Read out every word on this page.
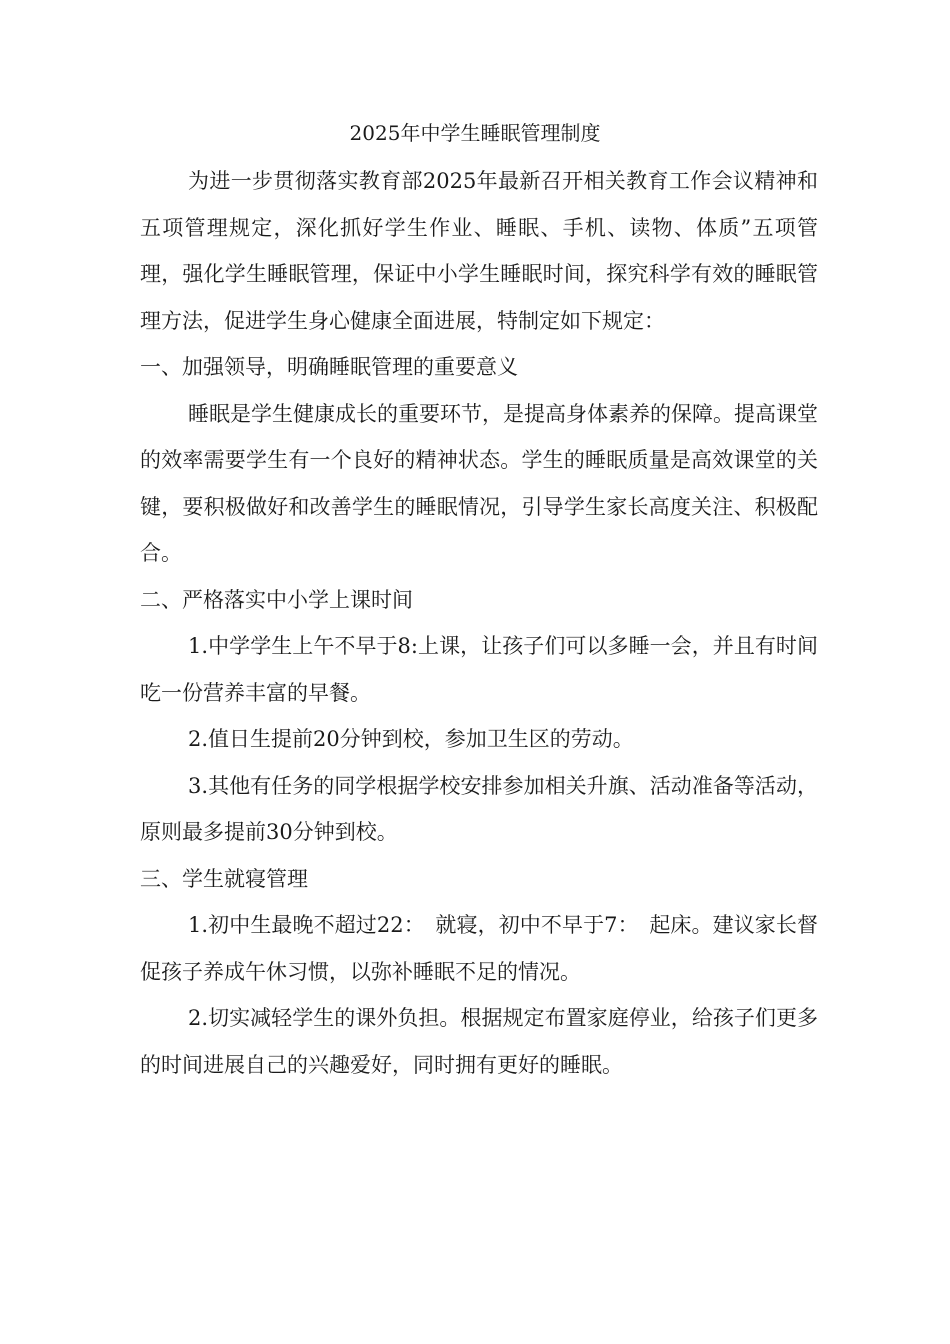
2025年中学生睡眠管理制度

为进一步贯彻落实教育部2025年最新召开相关教育工作会议精神和五项管理规定，深化抓好学生作业、睡眠、手机、读物、体质”五项管理，强化学生睡眠管理，保证中小学生睡眠时间，探究科学有效的睡眠管理方法，促进学生身心健康全面进展，特制定如下规定：

一、加强领导，明确睡眠管理的重要意义

睡眠是学生健康成长的重要环节，是提高身体素养的保障。提高课堂的效率需要学生有一个良好的精神状态。学生的睡眠质量是高效课堂的关键，要积极做好和改善学生的睡眠情况，引导学生家长高度关注、积极配合。

二、严格落实中小学上课时间

1.中学学生上午不早于8:上课，让孩子们可以多睡一会，并且有时间吃一份营养丰富的早餐。

2.值日生提前20分钟到校，参加卫生区的劳动。

3.其他有任务的同学根据学校安排参加相关升旗、活动准备等活动，原则最多提前30分钟到校。

三、学生就寝管理

1.初中生最晚不超过22：　就寝，初中不早于7：　起床。建议家长督促孩子养成午休习惯，以弥补睡眠不足的情况。

2.切实减轻学生的课外负担。根据规定布置家庭停业，给孩子们更多的时间进展自己的兴趣爱好，同时拥有更好的睡眠。
